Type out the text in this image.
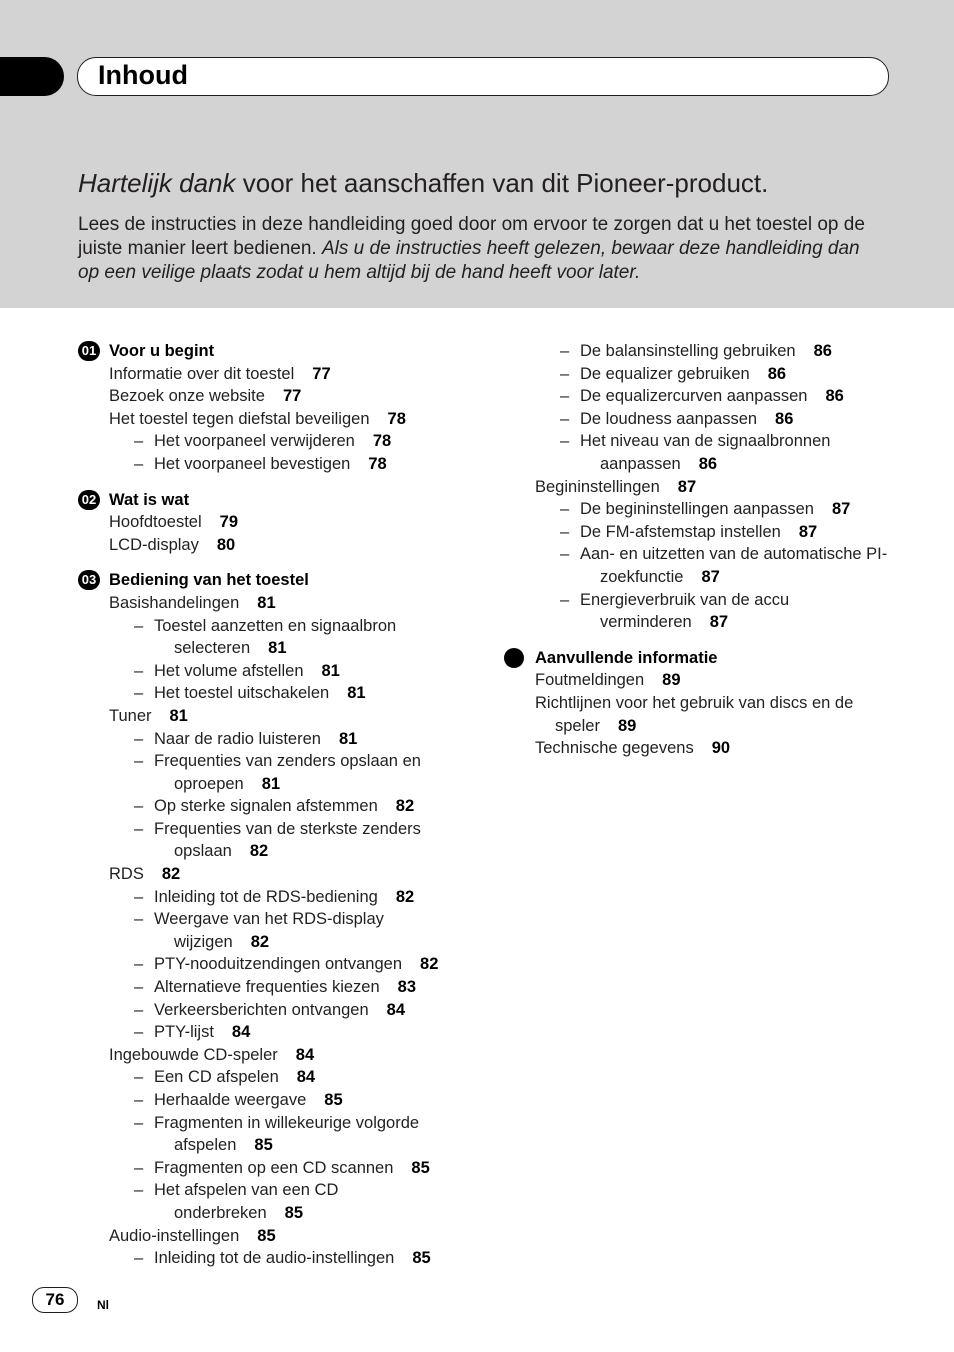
Inhoud
Hartelijk dank voor het aanschaffen van dit Pioneer-product.
Lees de instructies in deze handleiding goed door om ervoor te zorgen dat u het toestel op de juiste manier leert bedienen. Als u de instructies heeft gelezen, bewaar deze handleiding dan op een veilige plaats zodat u hem altijd bij de hand heeft voor later.
01 Voor u begint
Informatie over dit toestel 77
Bezoek onze website 77
Het toestel tegen diefstal beveiligen 78
– Het voorpaneel verwijderen 78
– Het voorpaneel bevestigen 78
02 Wat is wat
Hoofdtoestel 79
LCD-display 80
03 Bediening van het toestel
Basishandelingen 81
– Toestel aanzetten en signaalbron selecteren 81
– Het volume afstellen 81
– Het toestel uitschakelen 81
Tuner 81
– Naar de radio luisteren 81
– Frequenties van zenders opslaan en oproepen 81
– Op sterke signalen afstemmen 82
– Frequenties van de sterkste zenders opslaan 82
RDS 82
– Inleiding tot de RDS-bediening 82
– Weergave van het RDS-display wijzigen 82
– PTY-nooduitzendingen ontvangen 82
– Alternatieve frequenties kiezen 83
– Verkeersberichten ontvangen 84
– PTY-lijst 84
Ingebouwde CD-speler 84
– Een CD afspelen 84
– Herhaalde weergave 85
– Fragmenten in willekeurige volgorde afspelen 85
– Fragmenten op een CD scannen 85
– Het afspelen van een CD onderbreken 85
Audio-instellingen 85
– Inleiding tot de audio-instellingen 85
– De balansinstelling gebruiken 86
– De equalizer gebruiken 86
– De equalizercurven aanpassen 86
– De loudness aanpassen 86
– Het niveau van de signaalbronnen aanpassen 86
Begininstellingen 87
– De begininstellingen aanpassen 87
– De FM-afstemstap instellen 87
– Aan- en uitzetten van de automatische PI-zoekfunctie 87
– Energieverbruik van de accu verminderen 87
Aanvullende informatie
Foutmeldingen 89
Richtlijnen voor het gebruik van discs en de speler 89
Technische gegevens 90
76	Nl
